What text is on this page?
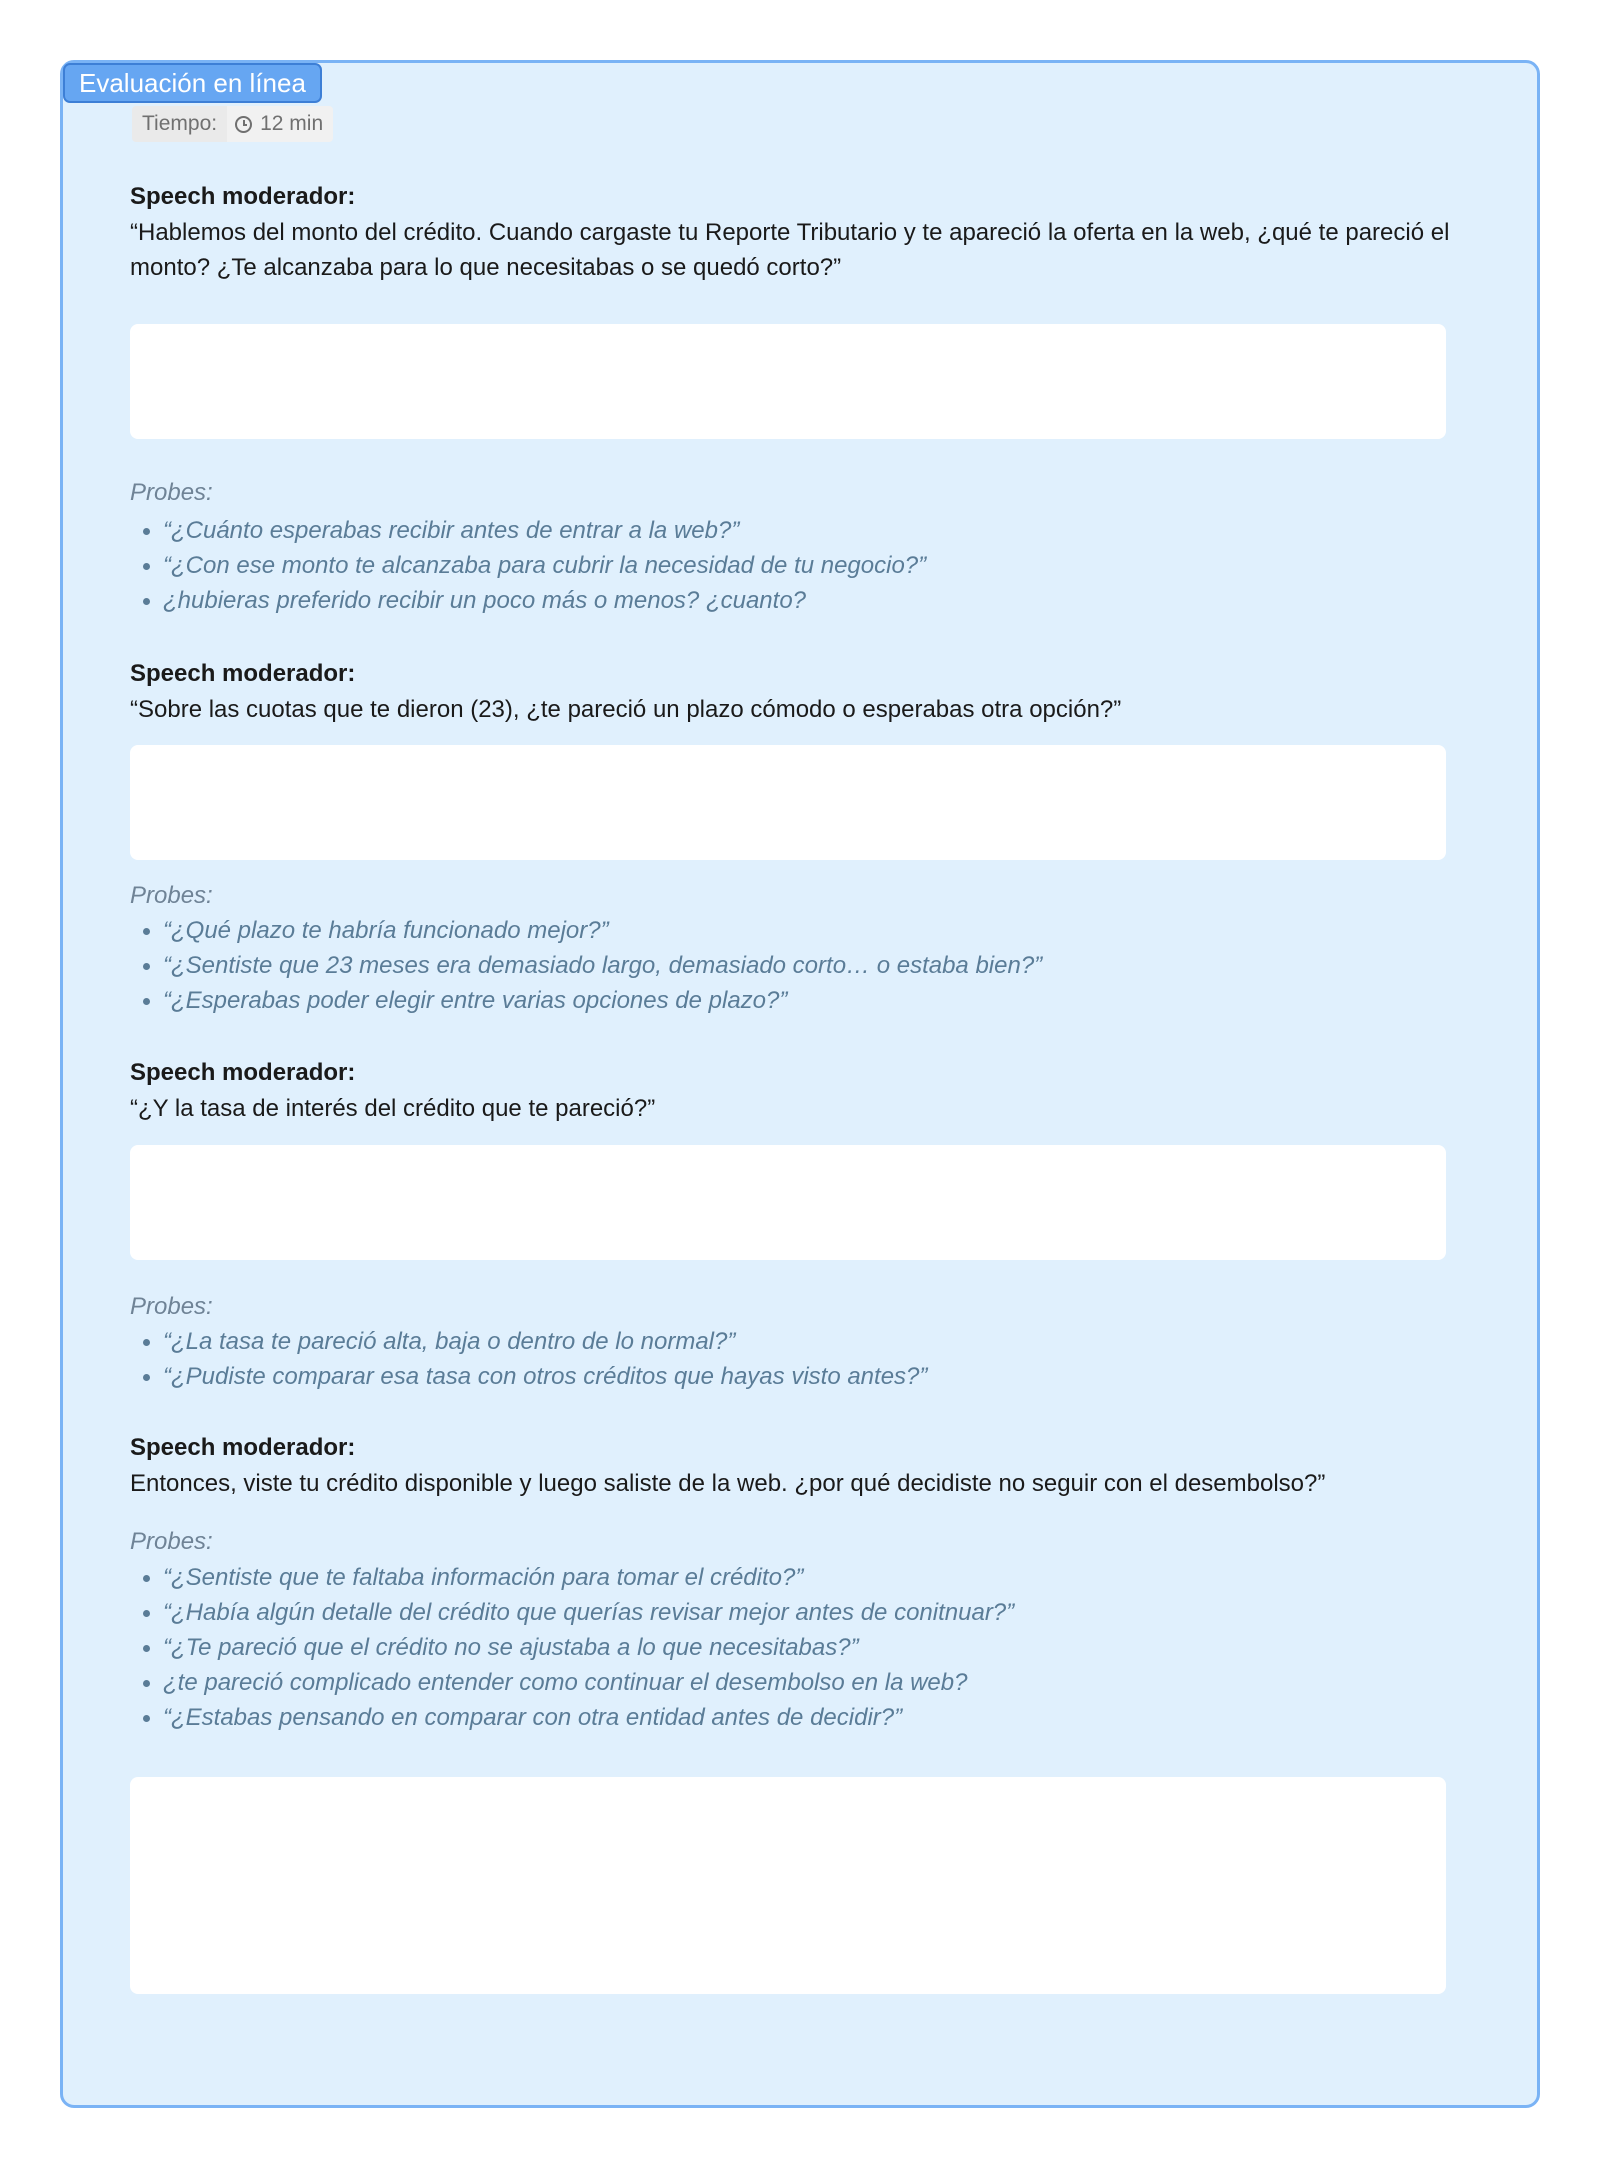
Evaluación en línea
Tiempo:	12 min
Speech moderador:
“Hablemos del monto del crédito. Cuando cargaste tu Reporte Tributario y te apareció la oferta en la web, ¿qué te pareció el monto? ¿Te alcanzaba para lo que necesitabas o se quedó corto?”
Probes:
“¿Cuánto esperabas recibir antes de entrar a la web?”
“¿Con ese monto te alcanzaba para cubrir la necesidad de tu negocio?”
¿hubieras preferido recibir un poco más o menos? ¿cuanto?
Speech moderador:
“Sobre las cuotas que te dieron (23), ¿te pareció un plazo cómodo o esperabas otra opción?”
Probes:
“¿Qué plazo te habría funcionado mejor?”
“¿Sentiste que 23 meses era demasiado largo, demasiado corto… o estaba bien?”
“¿Esperabas poder elegir entre varias opciones de plazo?”
Speech moderador:
“¿Y la tasa de interés del crédito que te pareció?”
Probes:
“¿La tasa te pareció alta, baja o dentro de lo normal?”
“¿Pudiste comparar esa tasa con otros créditos que hayas visto antes?”
Speech moderador:
Entonces, viste tu crédito disponible y luego saliste de la web. ¿por qué decidiste no seguir con el desembolso?”
Probes:
“¿Sentiste que te faltaba información para tomar el crédito?”
“¿Había algún detalle del crédito que querías revisar mejor antes de conitnuar?”
“¿Te pareció que el crédito no se ajustaba a lo que necesitabas?”
¿te pareció complicado entender como continuar el desembolso en la web?
“¿Estabas pensando en comparar con otra entidad antes de decidir?”
